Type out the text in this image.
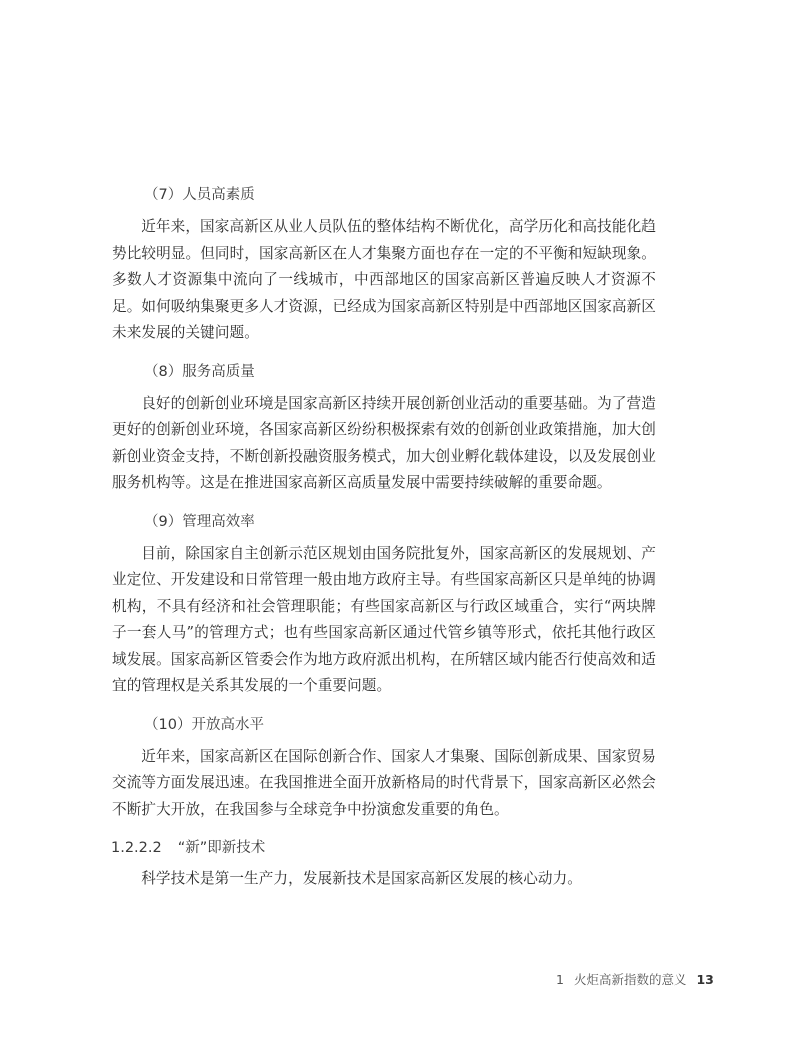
（7）人员高素质

近年来，国家高新区从业人员队伍的整体结构不断优化，高学历化和高技能化趋势比较明显。但同时，国家高新区在人才集聚方面也存在一定的不平衡和短缺现象。多数人才资源集中流向了一线城市，中西部地区的国家高新区普遍反映人才资源不足。如何吸纳集聚更多人才资源，已经成为国家高新区特别是中西部地区国家高新区未来发展的关键问题。

（8）服务高质量

良好的创新创业环境是国家高新区持续开展创新创业活动的重要基础。为了营造更好的创新创业环境，各国家高新区纷纷积极探索有效的创新创业政策措施，加大创新创业资金支持，不断创新投融资服务模式，加大创业孵化载体建设，以及发展创业服务机构等。这是在推进国家高新区高质量发展中需要持续破解的重要命题。

（9）管理高效率

目前，除国家自主创新示范区规划由国务院批复外，国家高新区的发展规划、产业定位、开发建设和日常管理一般由地方政府主导。有些国家高新区只是单纯的协调机构，不具有经济和社会管理职能；有些国家高新区与行政区域重合，实行“两块牌子一套人马”的管理方式；也有些国家高新区通过代管乡镇等形式，依托其他行政区域发展。国家高新区管委会作为地方政府派出机构，在所辖区域内能否行使高效和适宜的管理权是关系其发展的一个重要问题。

（10）开放高水平

近年来，国家高新区在国际创新合作、国家人才集聚、国际创新成果、国家贸易交流等方面发展迅速。在我国推进全面开放新格局的时代背景下，国家高新区必然会不断扩大开放，在我国参与全球竞争中扮演愈发重要的角色。

1.2.2.2 “新”即新技术

科学技术是第一生产力，发展新技术是国家高新区发展的核心动力。

1 火炬高新指数的意义 13
